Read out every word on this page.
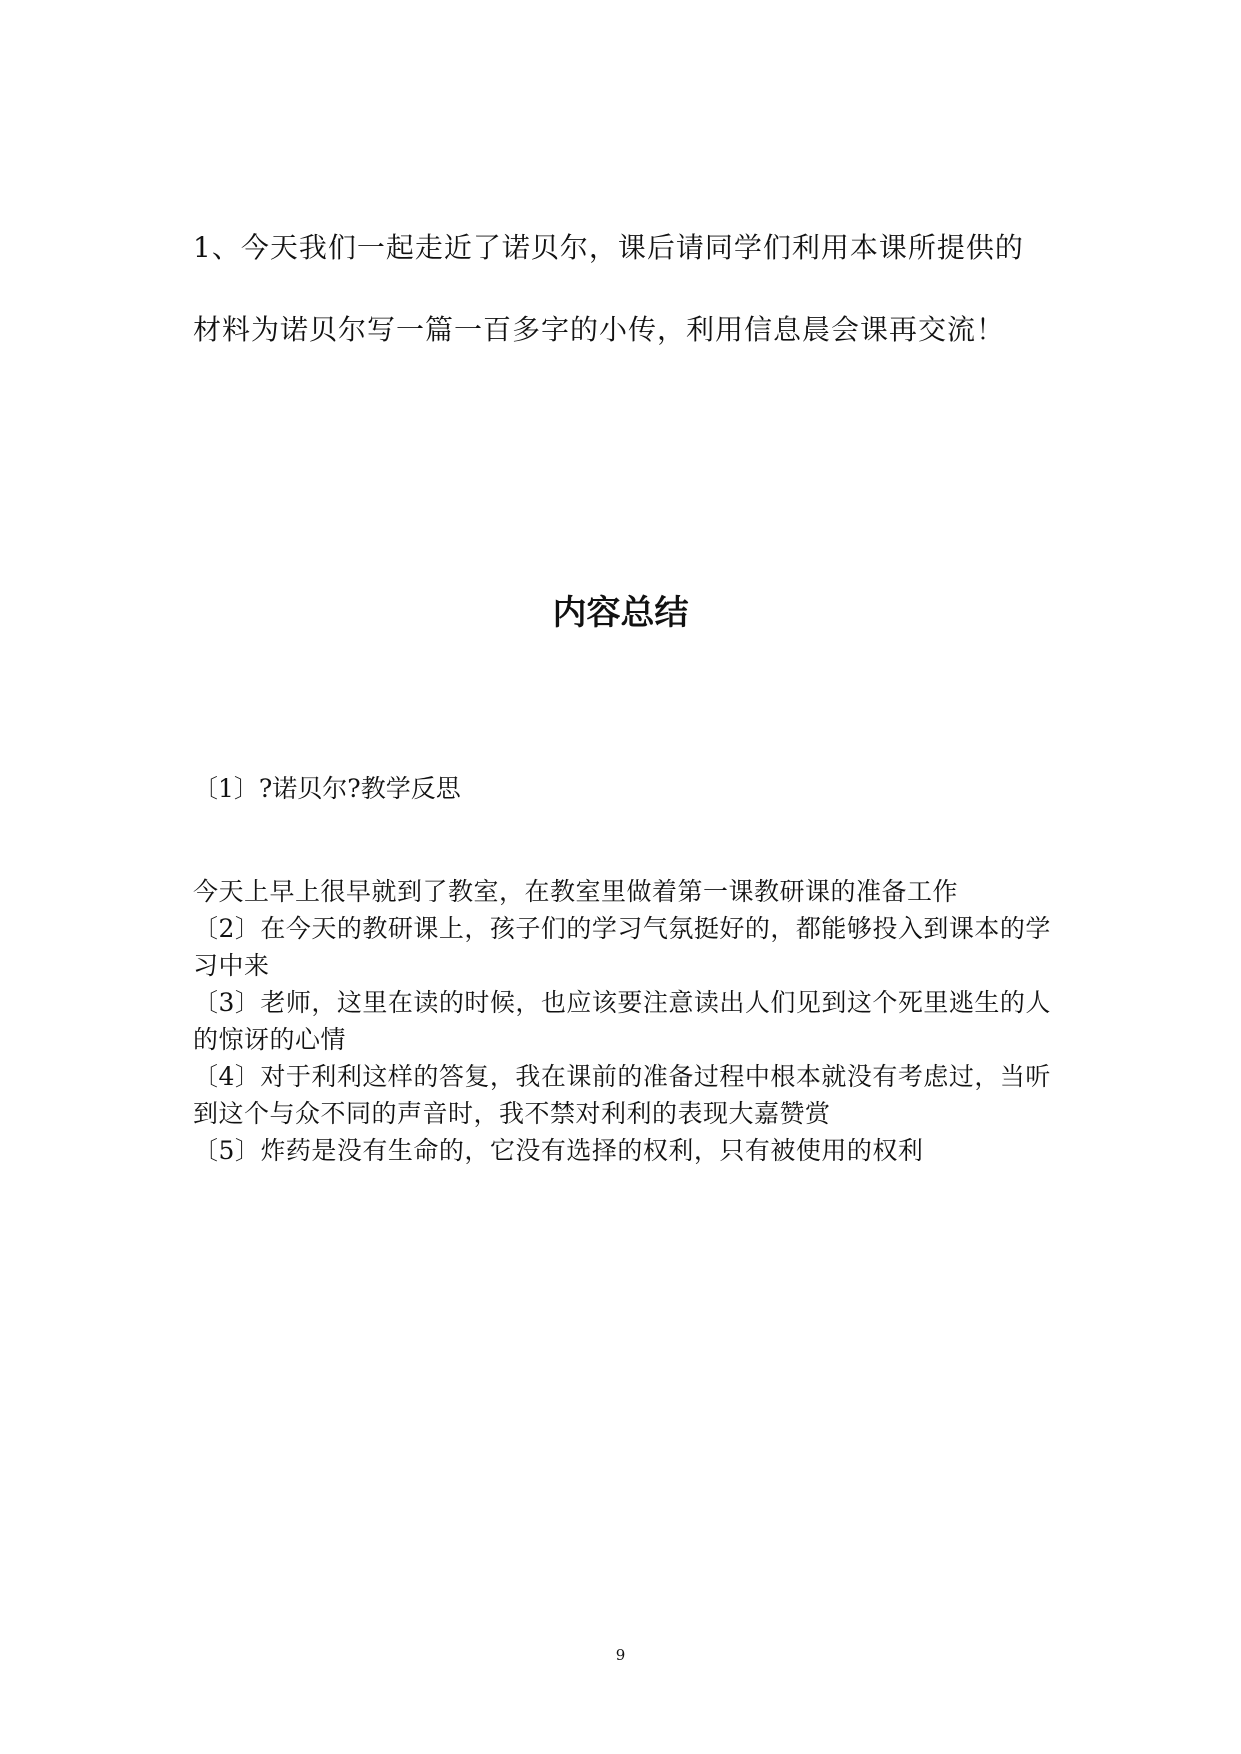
1、今天我们一起走近了诺贝尔，课后请同学们利用本课所提供的

材料为诺贝尔写一篇一百多字的小传，利用信息晨会课再交流！

内容总结
〔1〕?诺贝尔?教学反思

今天上早上很早就到了教室，在教室里做着第一课教研课的准备工作

〔2〕在今天的教研课上，孩子们的学习气氛挺好的，都能够投入到课本的学习中来

〔3〕老师，这里在读的时候，也应该要注意读出人们见到这个死里逃生的人的惊讶的心情

〔4〕对于利利这样的答复，我在课前的准备过程中根本就没有考虑过，当听到这个与众不同的声音时，我不禁对利利的表现大嘉赞赏

〔5〕炸药是没有生命的，它没有选择的权利，只有被使用的权利

9
